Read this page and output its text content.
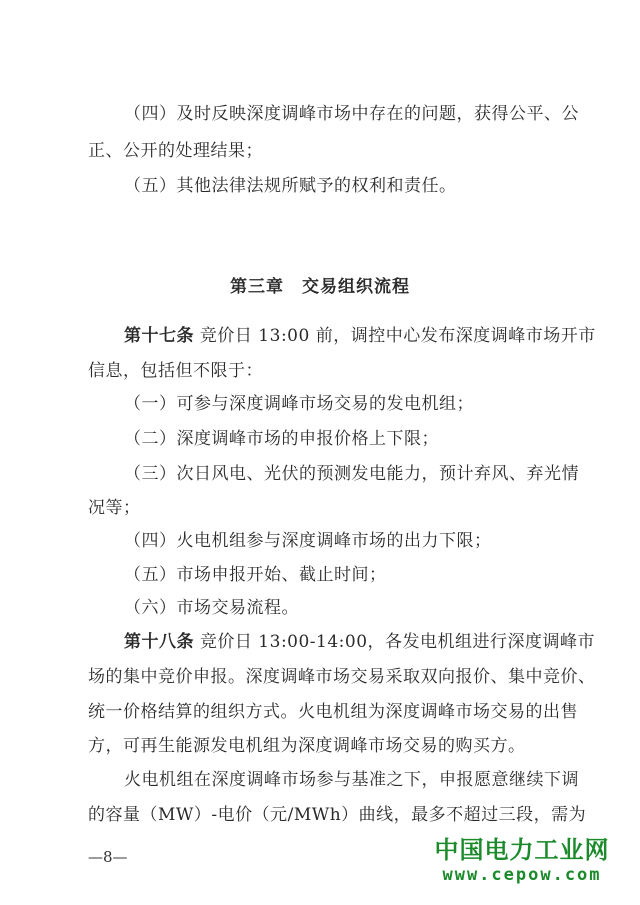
（四）及时反映深度调峰市场中存在的问题，获得公平、公
正、公开的处理结果；
（五）其他法律法规所赋予的权利和责任。
第三章 交易组织流程
第十七条 竞价日 13:00 前，调控中心发布深度调峰市场开市
信息，包括但不限于：
（一）可参与深度调峰市场交易的发电机组；
（二）深度调峰市场的申报价格上下限；
（三）次日风电、光伏的预测发电能力，预计弃风、弃光情
况等；
（四）火电机组参与深度调峰市场的出力下限；
（五）市场申报开始、截止时间；
（六）市场交易流程。
第十八条 竞价日 13:00-14:00，各发电机组进行深度调峰市
场的集中竞价申报。深度调峰市场交易采取双向报价、集中竞价、
统一价格结算的组织方式。火电机组为深度调峰市场交易的出售
方，可再生能源发电机组为深度调峰市场交易的购买方。
火电机组在深度调峰市场参与基准之下，申报愿意继续下调
的容量（MW）-电价（元/MWh）曲线，最多不超过三段，需为
—8—	中国电力工业网
www.cepow.com
